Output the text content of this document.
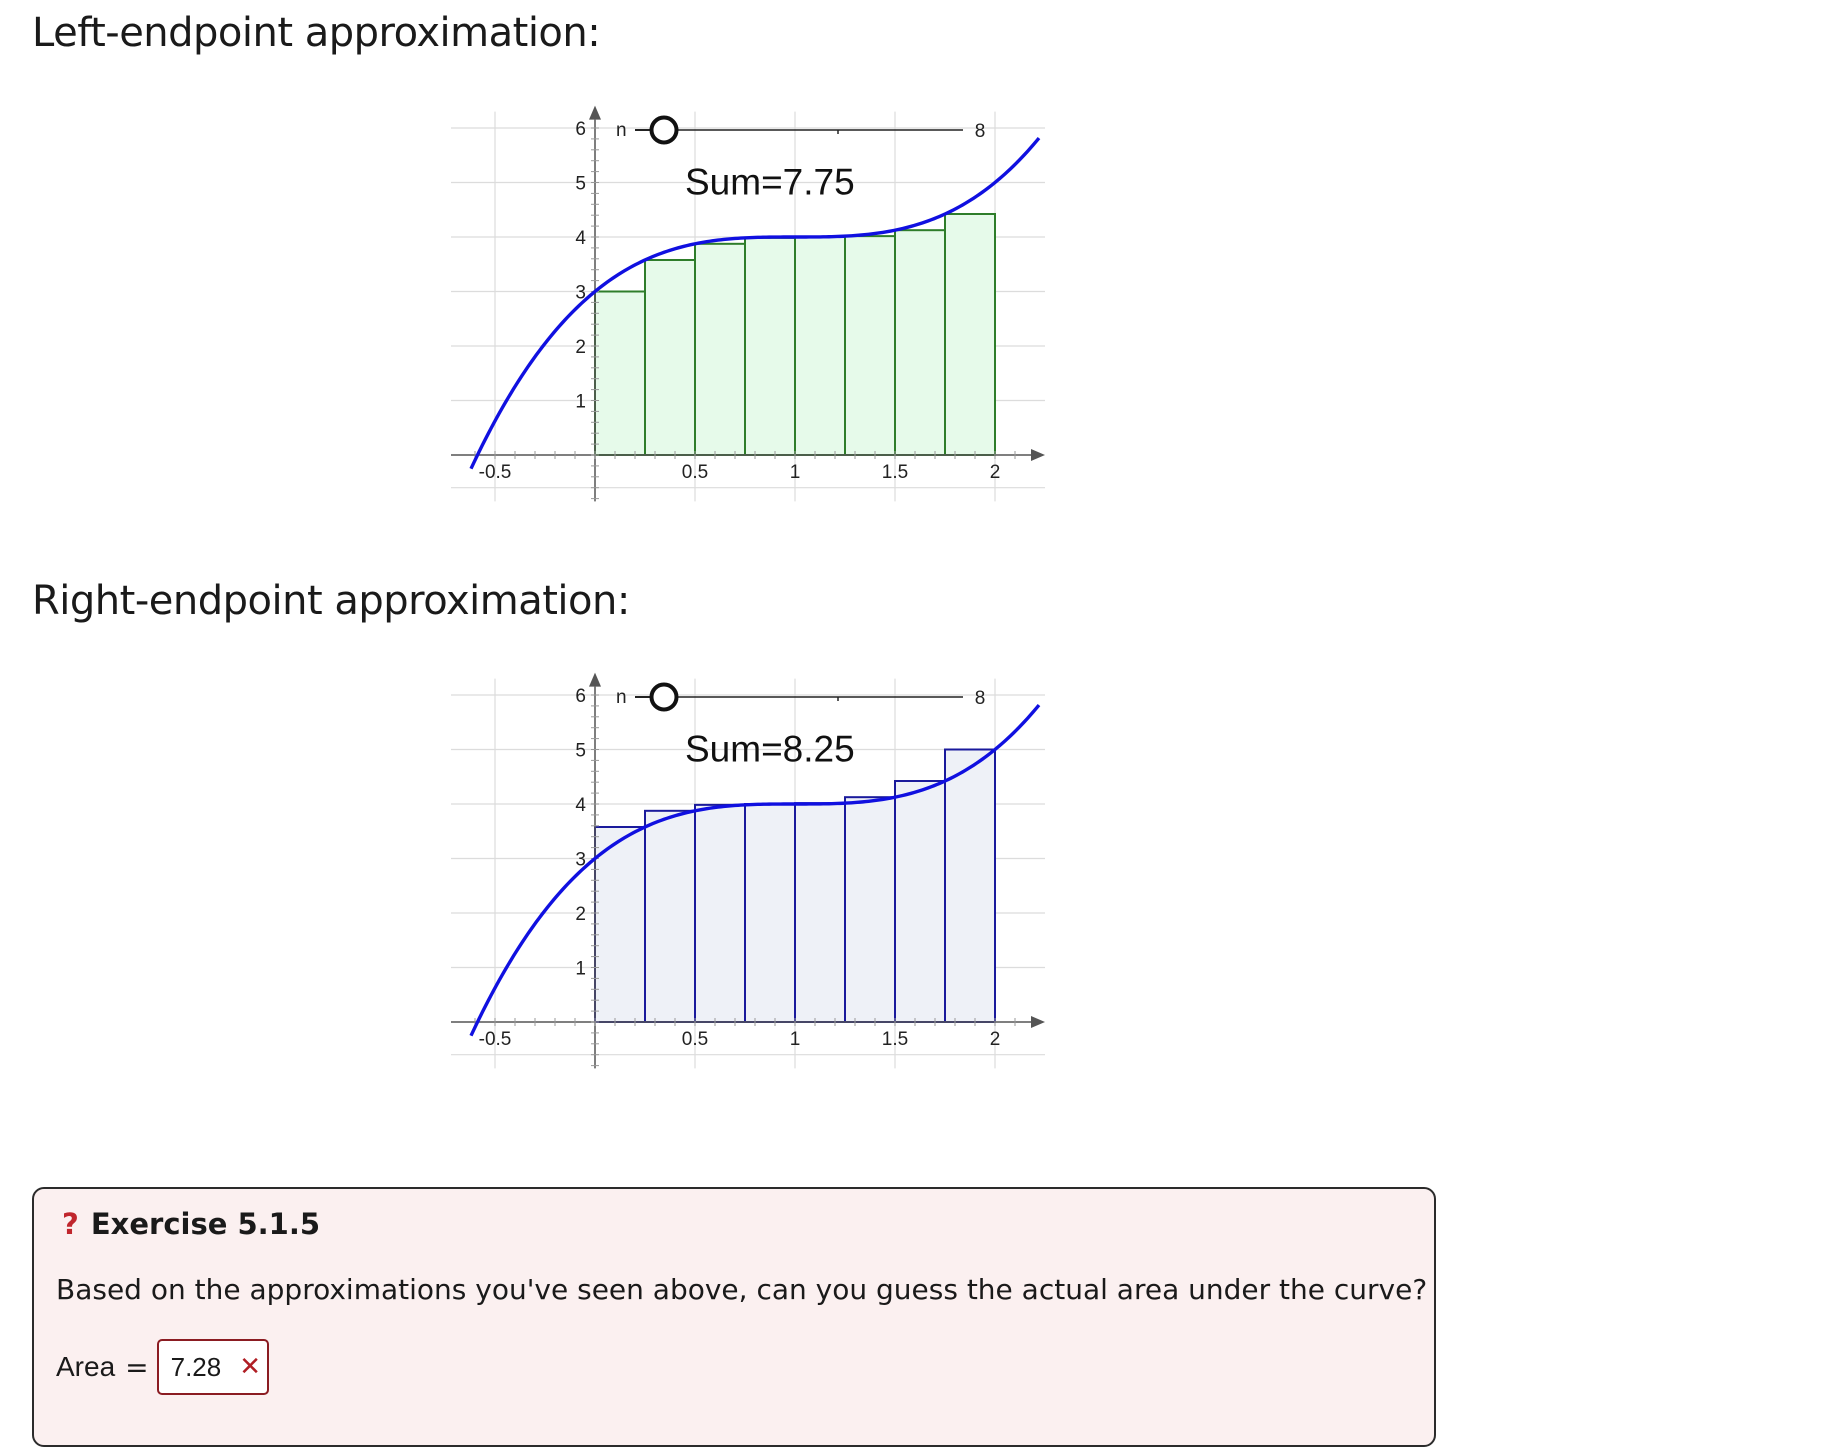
Left-endpoint approximation:
-0.5	0.5	1	1.5	2
1
2
3
4
5
6 n	8
Sum=7.75
Right-endpoint approximation:
-0.5	0.5	1	1.5	2
1
2
3
4
5
6 n	8
Sum=8.25
? Exercise 5.1.5

Based on the approximations you've seen above, can you guess the actual area under the curve?

Area = 7.28 ✕
